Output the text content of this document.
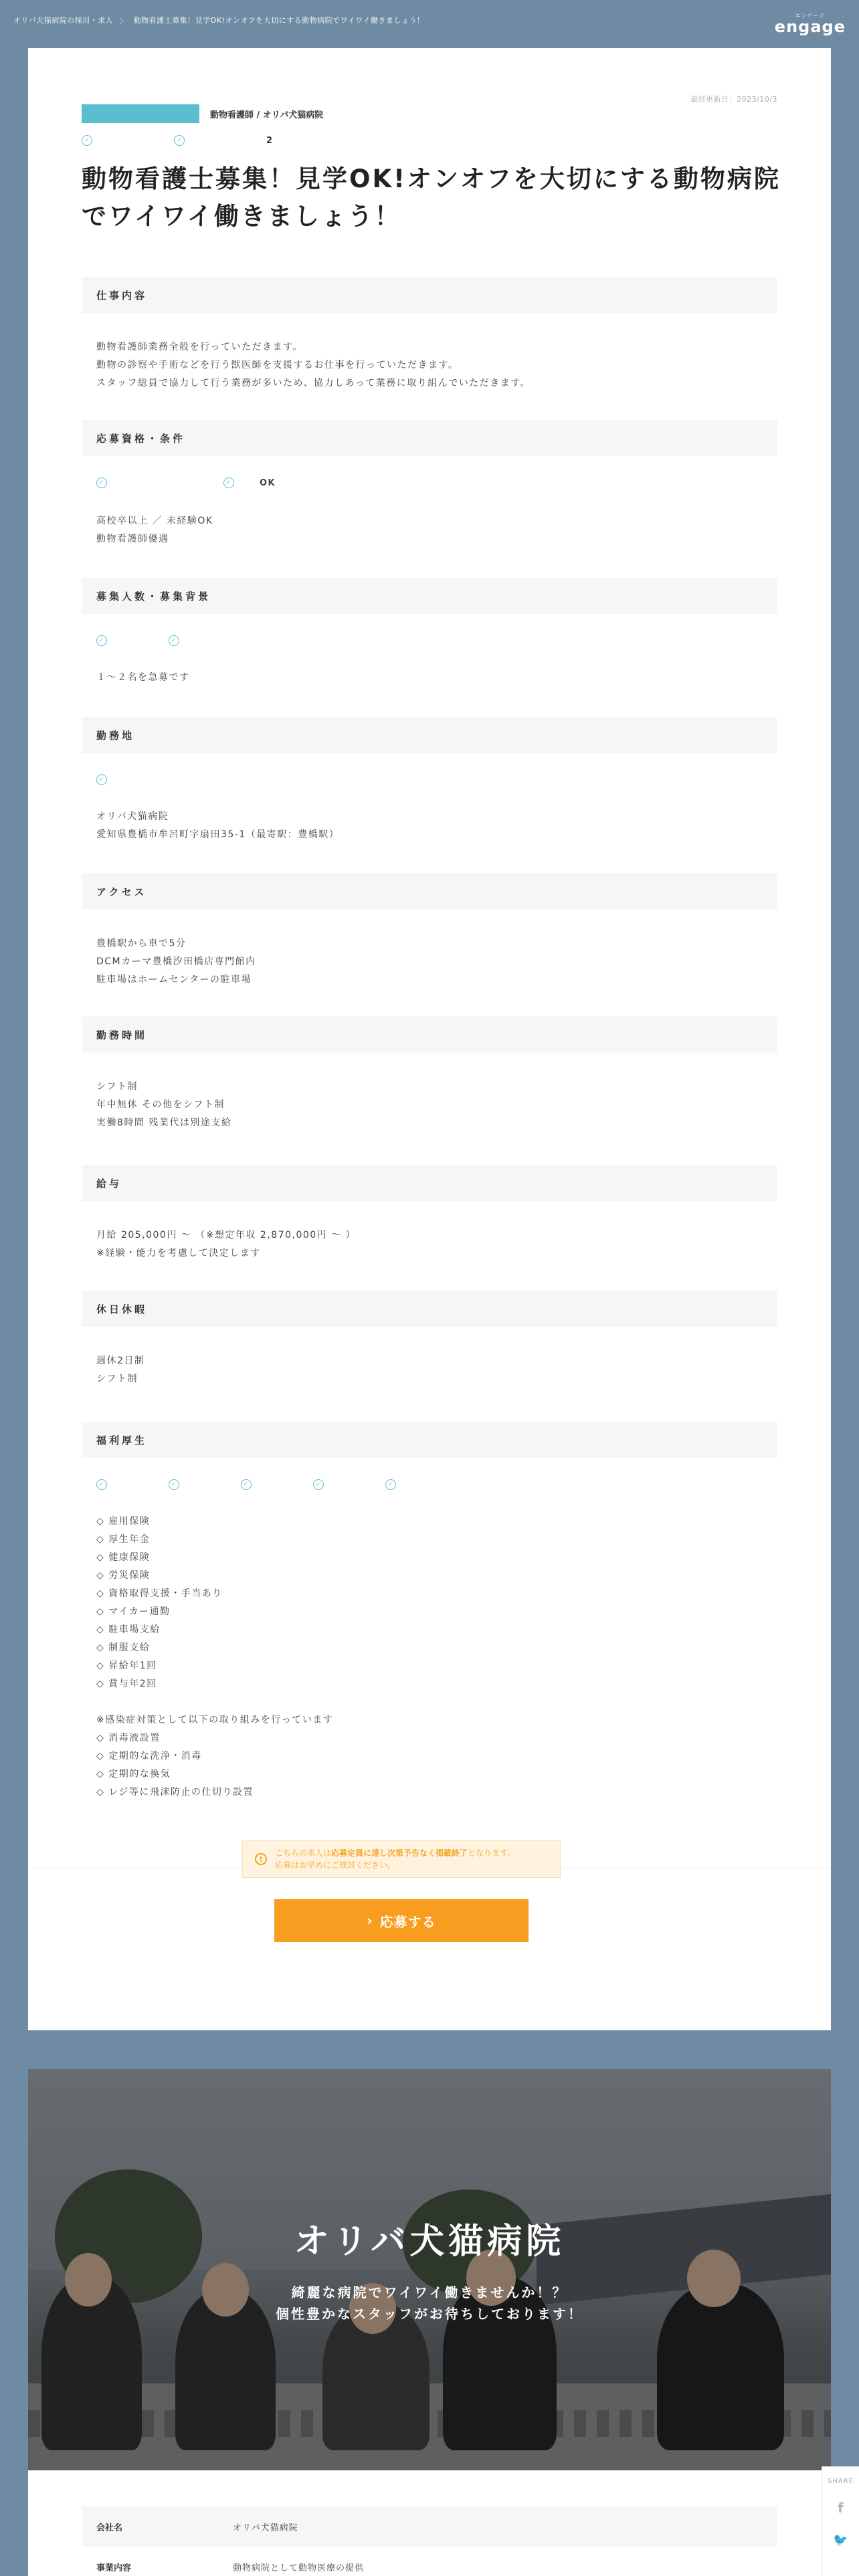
オリバ犬猫病院の採用・求人 〉 動物看護士募集！見学OK!オンオフを大切にする動物病院でワイワイ働きましょう！
エンゲージ
engage
最終更新日：2023/10/3
動物看護師 / オリバ犬猫病院
✓	✓	2
動物看護士募集！見学OK!オンオフを大切にする動物病院でワイワイ働きましょう！
仕事内容
動物看護師業務全般を行っていただきます。
動物の診察や手術などを行う獣医師を支援するお仕事を行っていただきます。
スタッフ総員で協力して行う業務が多いため、協力しあって業務に取り組んでいただきます。
応募資格・条件
✓	✓	OK
高校卒以上 ／ 未経験OK
動物看護師優遇
募集人数・募集背景
✓	✓
１～２名を急募です
勤務地
✓
オリバ犬猫病院
愛知県豊橋市牟呂町字扇田35-1（最寄駅：豊橋駅）
アクセス
豊橋駅から車で5分
DCMカーマ豊橋汐田橋店専門館内
駐車場はホームセンターの駐車場
勤務時間
シフト制
年中無休 その他をシフト制
実働8時間 残業代は別途支給
給与
月給 205,000円 ～ （※想定年収 2,870,000円 ～ ）
※経験・能力を考慮して決定します
休日休暇
週休2日制
シフト制
福利厚生
✓	✓	✓	✓	✓
◇ 雇用保険
◇ 厚生年金
◇ 健康保険
◇ 労災保険
◇ 資格取得支援・手当あり
◇ マイカー通勤
◇ 駐車場支給
◇ 制服支給
◇ 昇給年1回
◇ 賞与年2回
※感染症対策として以下の取り組みを行っています
◇ 消毒液設置
◇ 定期的な洗浄・消毒
◇ 定期的な換気
◇ レジ等に飛沫防止の仕切り設置
!
こちらの求人は応募定員に達し次第予告なく掲載終了となります。
応募はお早めにご検討ください。
› 応募する
オリバ犬猫病院
綺麗な病院でワイワイ働きませんか！？
個性豊かなスタッフがお待ちしております！
会社名	オリバ犬猫病院
事業内容	動物病院として動物医療の提供
SHARE
f
🐦
